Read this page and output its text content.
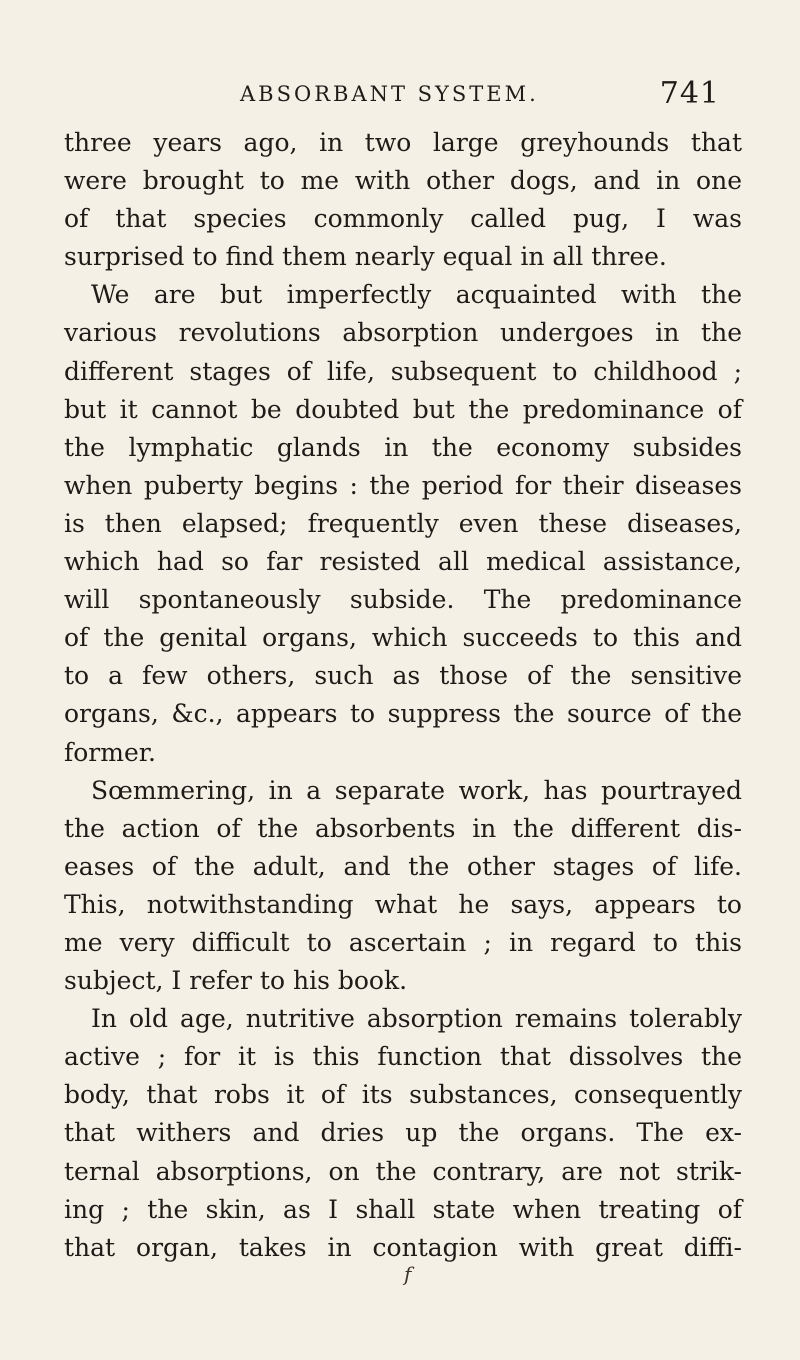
ABSORBANT SYSTEM.	741
three years ago, in two large greyhounds that
were brought to me with other dogs, and in one
of that species commonly called pug, I was
surprised to find them nearly equal in all three.
We are but imperfectly acquainted with the
various revolutions absorption undergoes in the
different stages of life, subsequent to childhood ;
but it cannot be doubted but the predominance of
the lymphatic glands in the economy subsides
when puberty begins : the period for their diseases
is then elapsed; frequently even these diseases,
which had so far resisted all medical assistance,
will spontaneously subside. The predominance
of the genital organs, which succeeds to this and
to a few others, such as those of the sensitive
organs, &c., appears to suppress the source of the
former.
Sœmmering, in a separate work, has pourtrayed
the action of the absorbents in the different dis-
eases of the adult, and the other stages of life.
This, notwithstanding what he says, appears to
me very difficult to ascertain ; in regard to this
subject, I refer to his book.
In old age, nutritive absorption remains tolerably
active ; for it is this function that dissolves the
body, that robs it of its substances, consequently
that withers and dries up the organs. The ex-
ternal absorptions, on the contrary, are not strik-
ing ; the skin, as I shall state when treating of
that organ, takes in contagion with great diffi-
f
